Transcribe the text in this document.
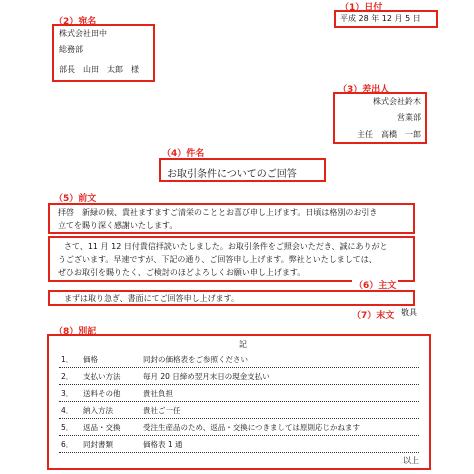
（1）日付
平成 28 年 12 月 5 日
（2）宛名
株式会社田中
総務部
部長　山田　太郎　様
（3）差出人
株式会社鈴木
営業部
主任　高橋　一郎
（4）件名
お取引条件についてのご回答
（5）前文
拝啓　新緑の候、貴社ますますご清栄のこととお喜び申し上げます。日頃は格別のお引き
立てを賜り深く感謝いたします。
さて、11 月 12 日付貴信拝読いたしました。お取引条件をご照会いただき、誠にありがと
うございます。早速ですが、下記の通り、ご回答申し上げます。弊社といたしましては、
ぜひお取引を賜りたく、ご検討のほどよろしくお願い申し上げます。
（6）主文
まずは取り急ぎ、書面にてご回答申し上げます。
（7）末文 敬具
（8）別記
記
1． 価格	同封の価格表をご参照ください
2． 支払い方法	毎月 20 日締め翌月末日の現金支払い
3． 送料その他	貴社負担
4． 納入方法	貴社ご一任
5． 返品・交換	受注生産品のため、返品・交換につきましては原則応じかねます
6． 同封書類	価格表 1 通
以上
